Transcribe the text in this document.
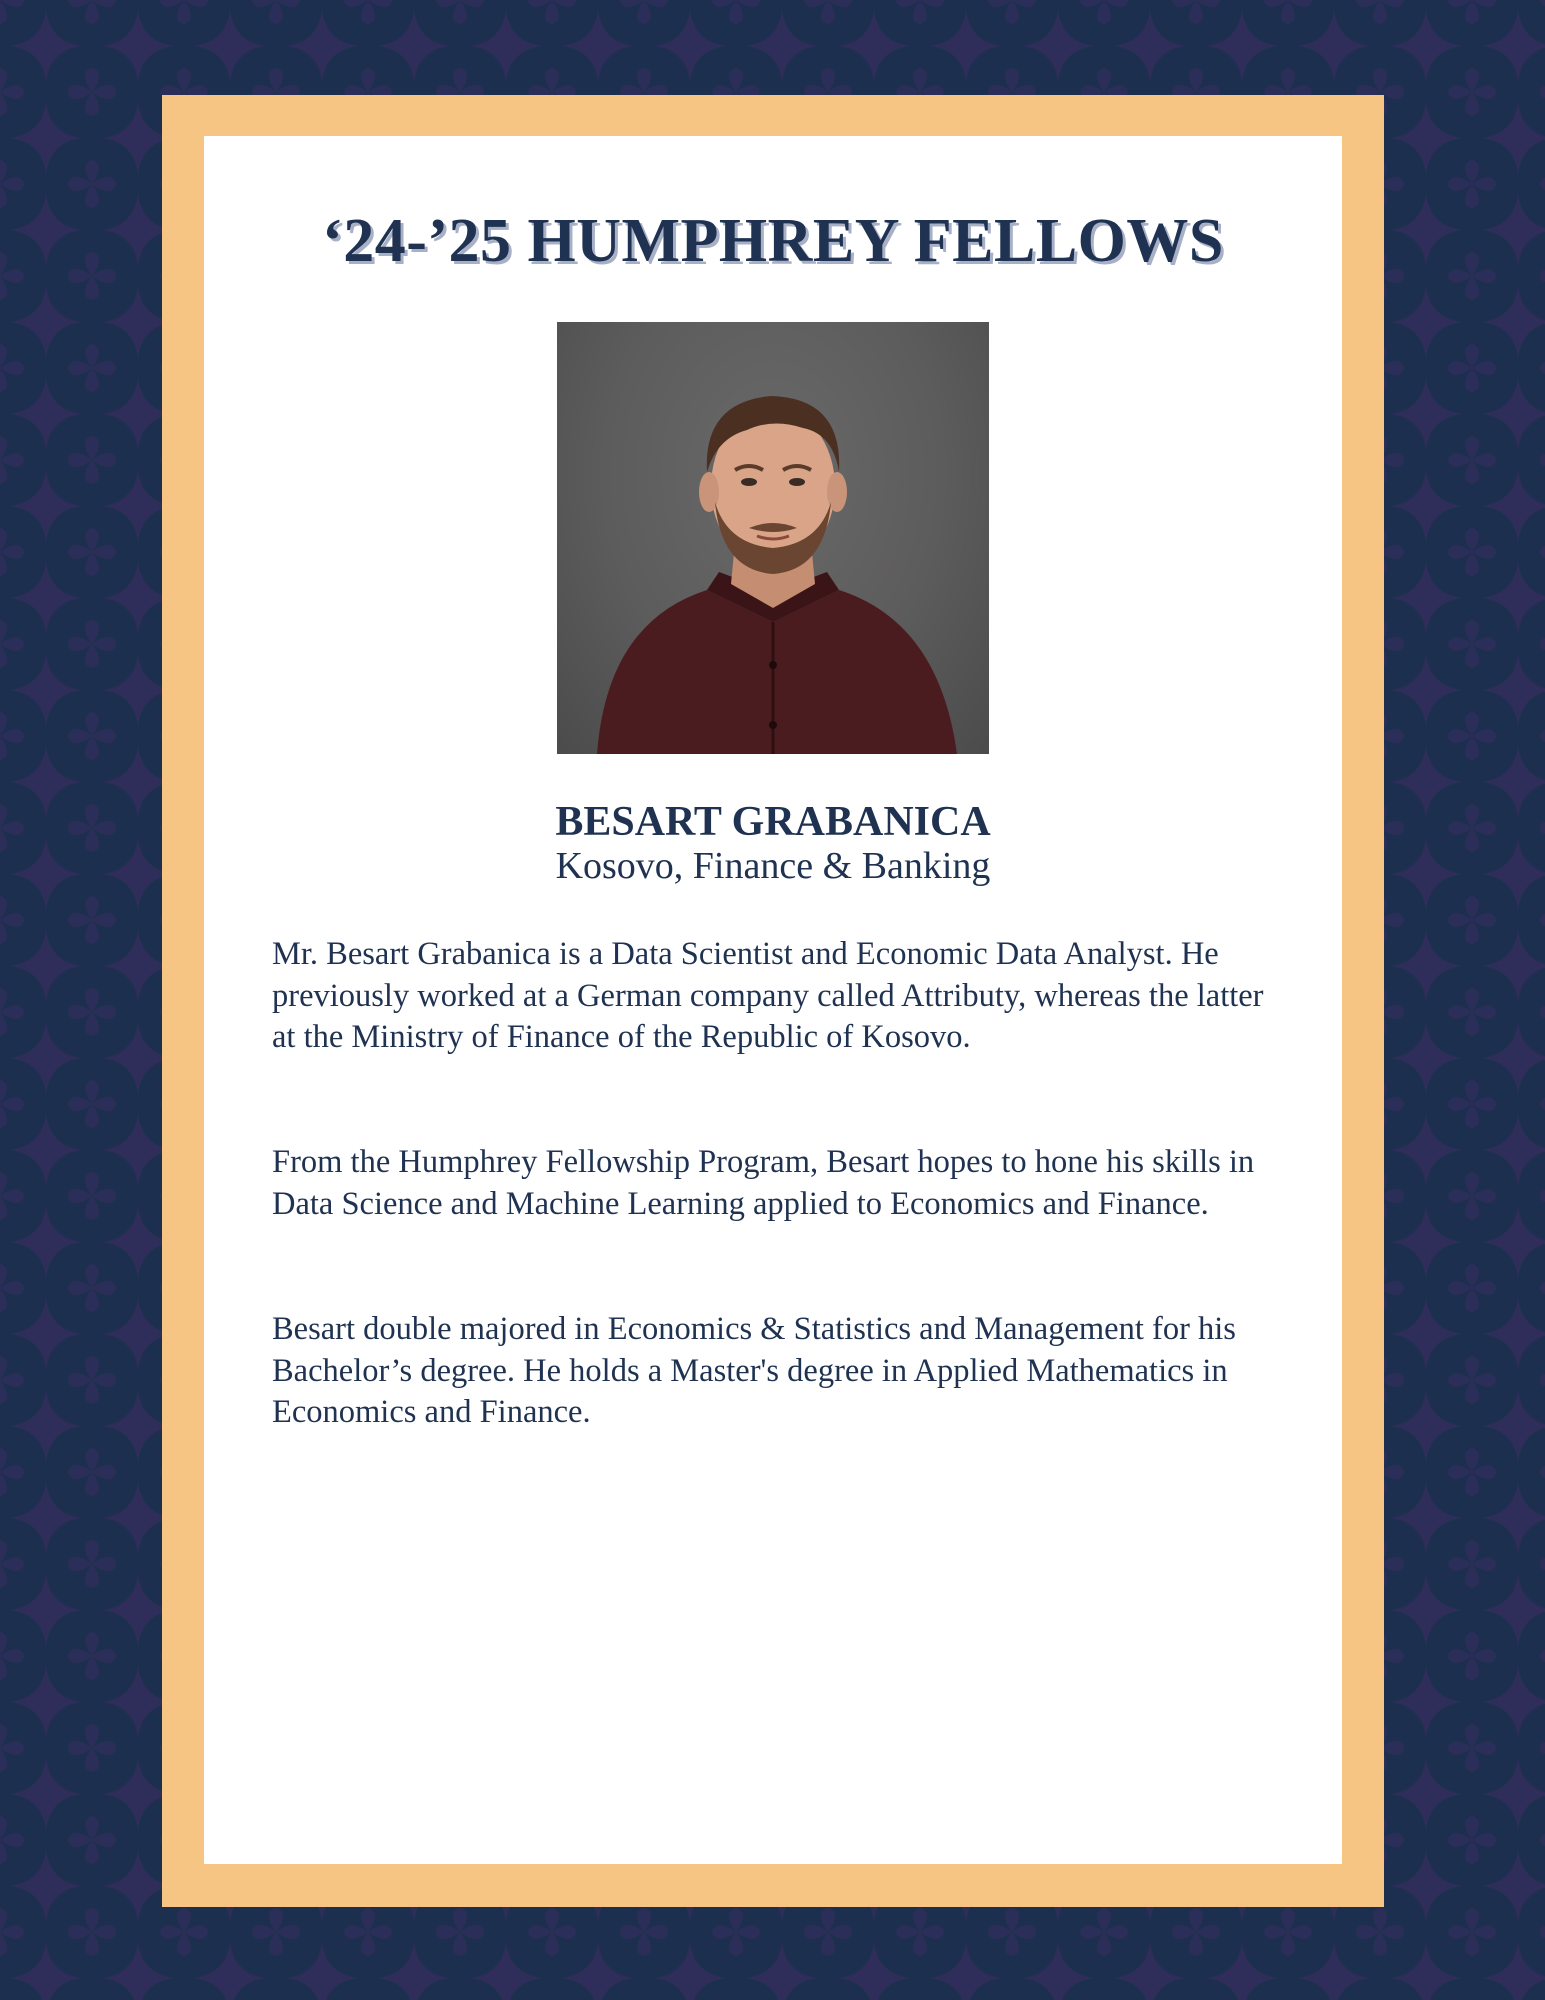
‘24-’25 HUMPHREY FELLOWS
BESART GRABANICA

Kosovo, Finance & Banking

Mr. Besart Grabanica is a Data Scientist and Economic Data Analyst. He previously worked at a German company called Attributy, whereas the latter at the Ministry of Finance of the Republic of Kosovo.

From the Humphrey Fellowship Program, Besart hopes to hone his skills in Data Science and Machine Learning applied to Economics and Finance.

Besart double majored in Economics & Statistics and Management for his Bachelor’s degree. He holds a Master's degree in Applied Mathematics in Economics and Finance.
